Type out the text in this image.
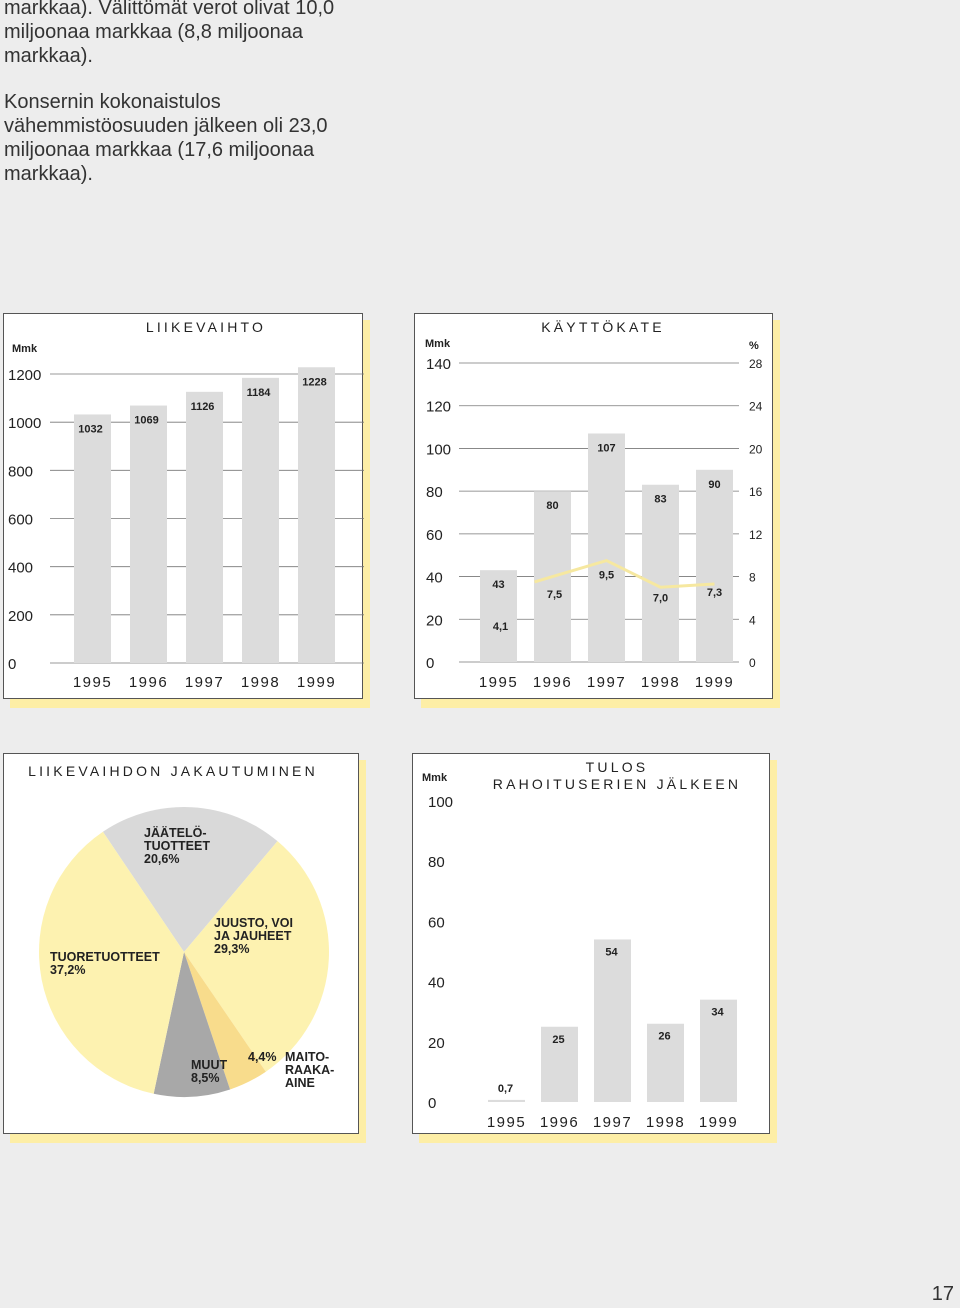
markkaa). Välittömät verot olivat 10,0 miljoonaa markkaa (8,8 miljoonaa markkaa).

Konsernin kokonaistulos vähemmistöosuuden jälkeen oli 23,0 miljoonaa markkaa (17,6 miljoonaa markkaa).

LIIKEVAIHTO
Mmk
0
200
400
600
800
1000
1200
1032
1995
1069
1996
1126
1997
1184
1998
1228
1999
KÄYTTÖKATE
Mmk
0
20
40
60
80
100
120
140
43
1995
80
1996
107
1997
83
1998
90
1999
%
0
4
8
12
16
20
24
28
4,1
7,5
9,5
7,0	7,3
LIIKEVAIHDON JAKAUTUMINEN
JÄÄTELÖ-
TUOTTEET
20,6%
JUUSTO, VOI
JA JAUHEET
29,3%
MAITO-
RAAKA-
AINE
MUUT
8,5%
TUORETUOTTEET
37,2%
4,4%
TULOS
RAHOITUSERIEN JÄLKEEN
Mmk
0
20
40
60
80
100
0,7
1995
25
1996
54
1997
26
1998
34
1999
17
